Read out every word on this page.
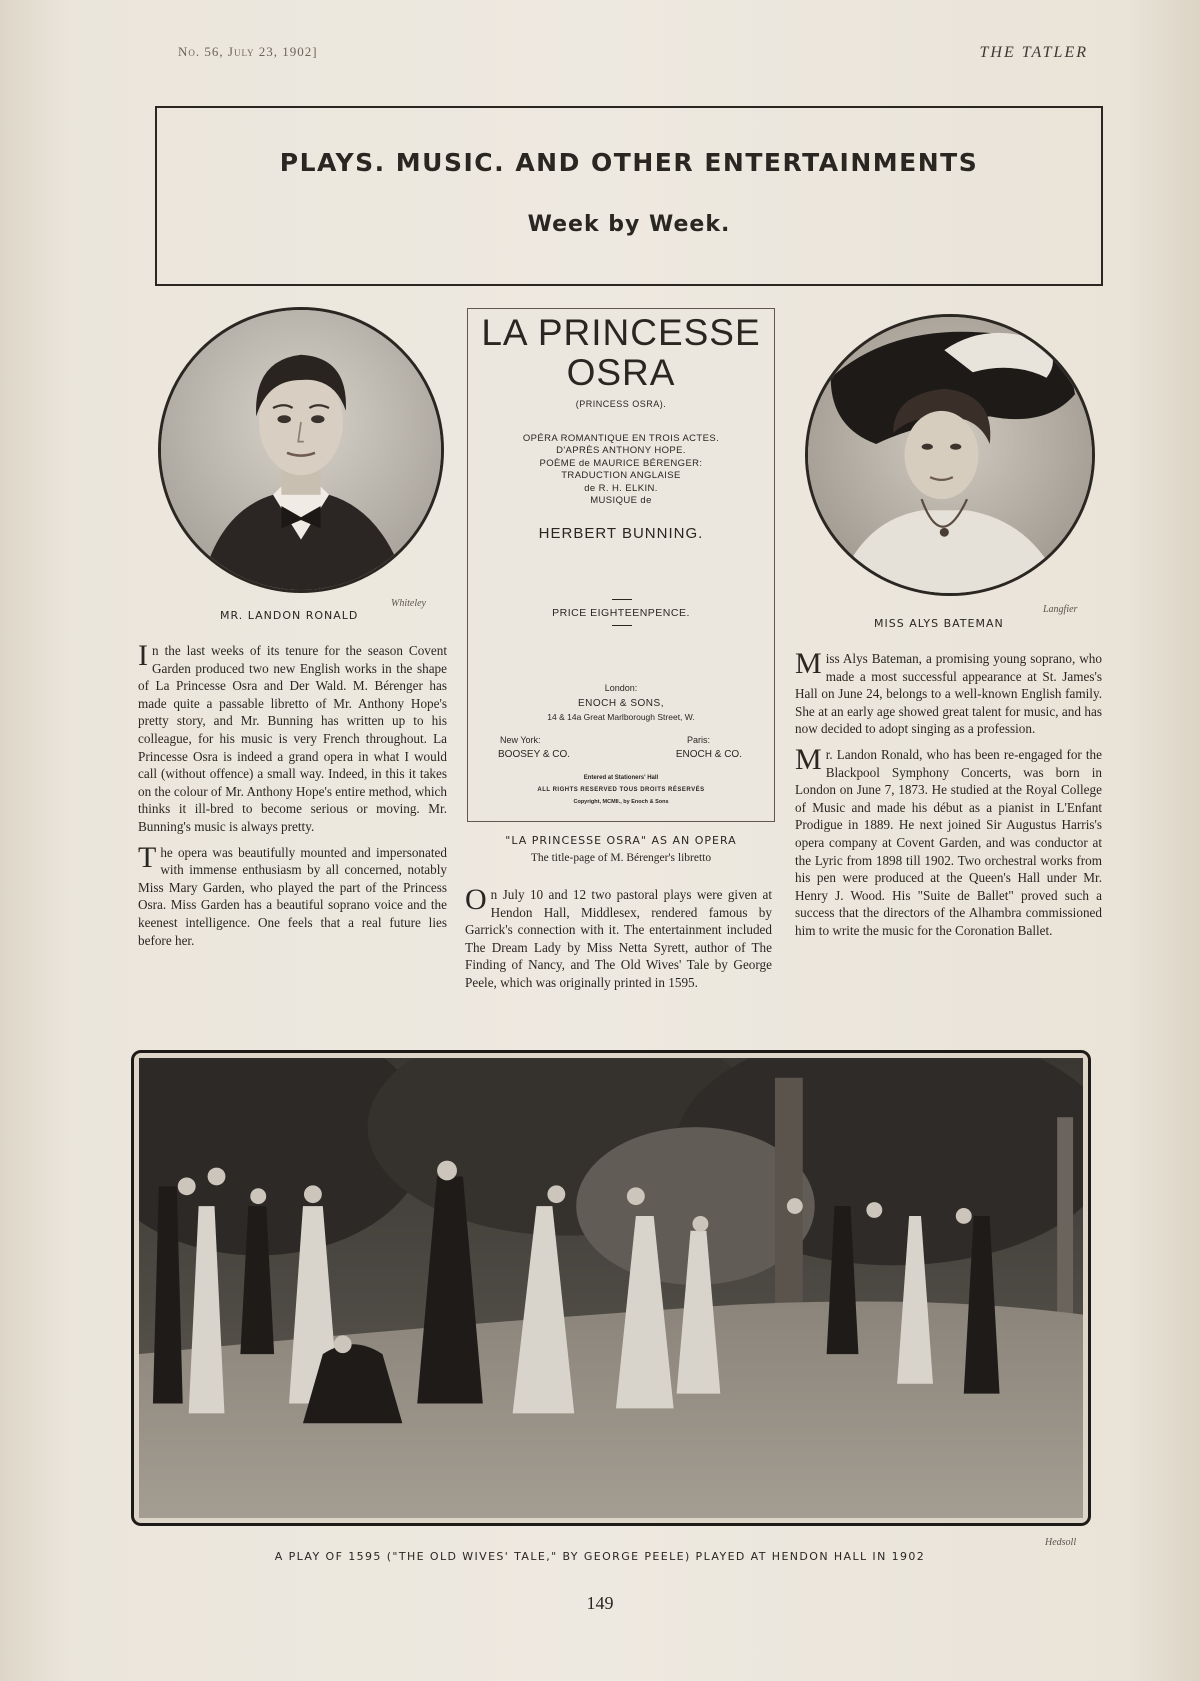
No. 56, July 23, 1902]	THE TATLER
PLAYS. MUSIC. AND OTHER ENTERTAINMENTS
Week by Week.
Whiteley
MR. LANDON RONALD	Langfier
MISS ALYS BATEMAN
LA PRINCESSE
OSRA
(PRINCESS OSRA).
OPÉRA ROMANTIQUE EN TROIS ACTES.
D'APRÈS ANTHONY HOPE.
POÈME de MAURICE BÉRENGER:
TRADUCTION ANGLAISE
de R. H. ELKIN.
MUSIQUE de
HERBERT BUNNING.
PRICE EIGHTEENPENCE.
London:
ENOCH & SONS,
14 & 14a Great Marlborough Street, W.
New York:
BOOSEY & CO.
Paris:
ENOCH & CO.
Entered at Stationers' Hall
ALL RIGHTS RESERVED TOUS DROITS RÉSERVÉS
Copyright, MCMII., by Enoch & Sons
"LA PRINCESSE OSRA" AS AN OPERA
The title-page of M. Bérenger's libretto

In the last weeks of its tenure for the season Covent Garden produced two new English works in the shape of La Princesse Osra and Der Wald. M. Bérenger has made quite a passable libretto of Mr. Anthony Hope's pretty story, and Mr. Bunning has written up to his colleague, for his music is very French throughout. La Princesse Osra is indeed a grand opera in what I would call (without offence) a small way. Indeed, in this it takes on the colour of Mr. Anthony Hope's entire method, which thinks it ill-bred to become serious or moving. Mr. Bunning's music is always pretty.

The opera was beautifully mounted and impersonated with immense enthusiasm by all concerned, notably Miss Mary Garden, who played the part of the Princess Osra. Miss Garden has a beautiful soprano voice and the keenest intelligence. One feels that a real future lies before her.

On July 10 and 12 two pastoral plays were given at Hendon Hall, Middlesex, rendered famous by Garrick's connection with it. The entertainment included The Dream Lady by Miss Netta Syrett, author of The Finding of Nancy, and The Old Wives' Tale by George Peele, which was originally printed in 1595.

Miss Alys Bateman, a promising young soprano, who made a most successful appearance at St. James's Hall on June 24, belongs to a well-known English family. She at an early age showed great talent for music, and has now decided to adopt singing as a profession.

Mr. Landon Ronald, who has been re-engaged for the Blackpool Symphony Concerts, was born in London on June 7, 1873. He studied at the Royal College of Music and made his début as a pianist in L'Enfant Prodigue in 1889. He next joined Sir Augustus Harris's opera company at Covent Garden, and was conductor at the Lyric from 1898 till 1902. Two orchestral works from his pen were produced at the Queen's Hall under Mr. Henry J. Wood. His "Suite de Ballet" proved such a success that the directors of the Alhambra commissioned him to write the music for the Coronation Ballet.

Hedsoll
A PLAY OF 1595 ("THE OLD WIVES' TALE," BY GEORGE PEELE) PLAYED AT HENDON HALL IN 1902
149
